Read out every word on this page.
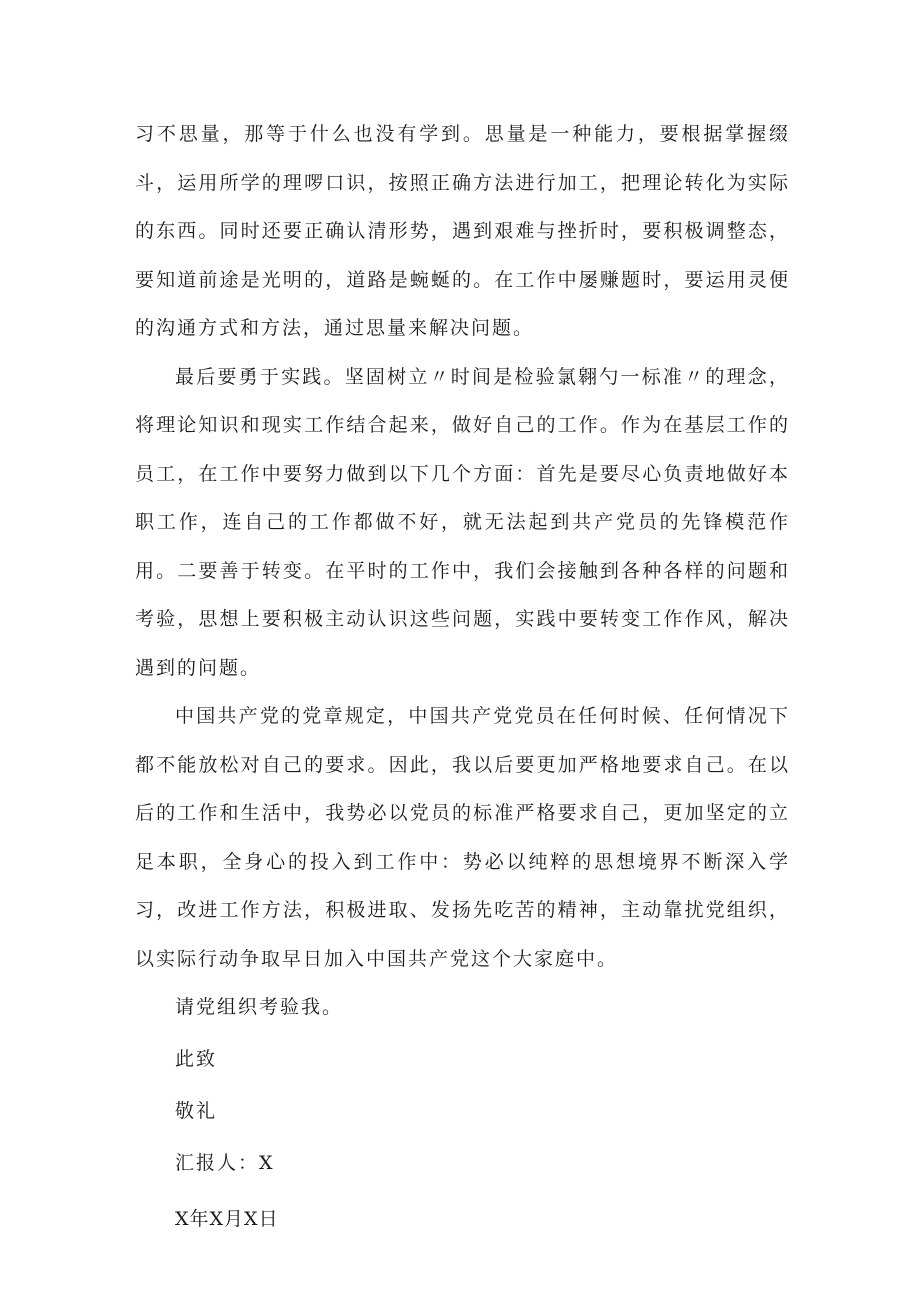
习不思量，那等于什么也没有学到。思量是一种能力，要根据掌握缀斗，运用所学的理啰口识，按照正确方法进行加工，把理论转化为实际的东西。同时还要正确认清形势，遇到艰难与挫折时，要积极调整态，要知道前途是光明的，道路是蜿蜒的。在工作中屡赚题时，要运用灵便的沟通方式和方法，通过思量来解决问题。

最后要勇于实践。坚固树立〃时间是检验氯翱勺一标准〃的理念，将理论知识和现实工作结合起来，做好自己的工作。作为在基层工作的员工，在工作中要努力做到以下几个方面：首先是要尽心负责地做好本职工作，连自己的工作都做不好，就无法起到共产党员的先锋模范作用。二要善于转变。在平时的工作中，我们会接触到各种各样的问题和考验，思想上要积极主动认识这些问题，实践中要转变工作作风，解决遇到的问题。

中国共产党的党章规定，中国共产党党员在任何时候、任何情况下都不能放松对自己的要求。因此，我以后要更加严格地要求自己。在以后的工作和生活中，我势必以党员的标准严格要求自己，更加坚定的立足本职，全身心的投入到工作中：势必以纯粹的思想境界不断深入学习，改进工作方法，积极进取、发扬先吃苦的精神，主动靠扰党组织，以实际行动争取早日加入中国共产党这个大家庭中。

请党组织考验我。

此致

敬礼

汇报人：X

X年X月X日
